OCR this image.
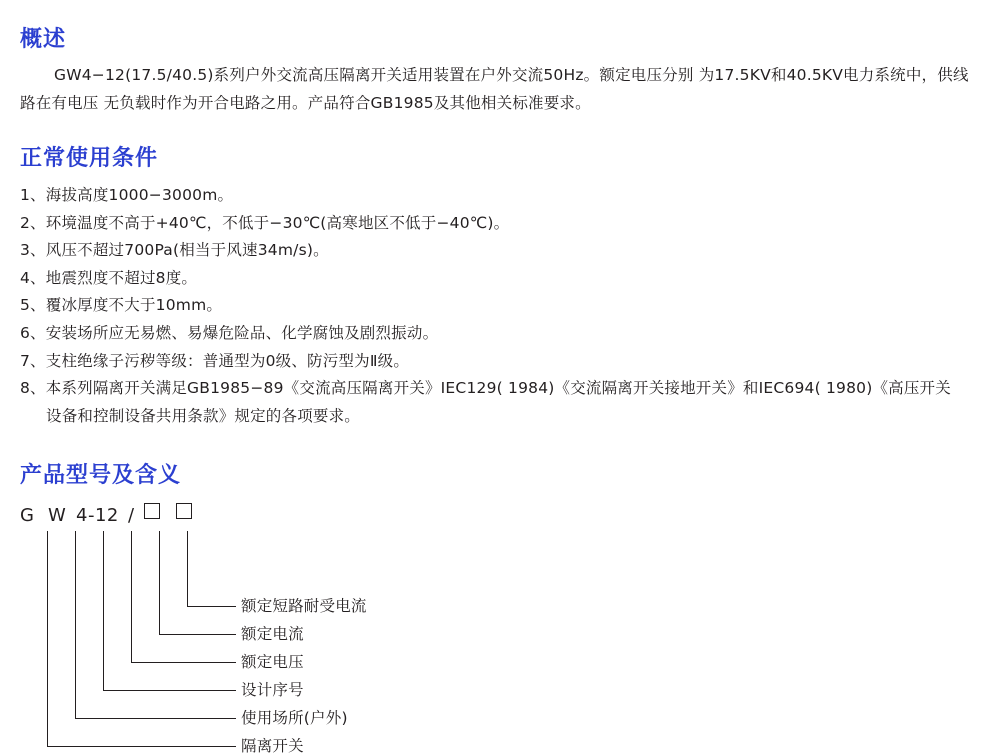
概述
GW4−12(17.5/40.5)系列户外交流高压隔离开关适用装置在户外交流50Hz。额定电压分别 为17.5KV和40.5KV电力系统中，供线路在有电压 无负载时作为开合电路之用。产品符合GB1985及其他相关标准要求。
正常使用条件
1、海拔高度1000−3000m。
2、环境温度不高于+40℃，不低于−30℃(高寒地区不低于−40℃)。
3、风压不超过700Pa(相当于风速34m/s)。
4、地震烈度不超过8度。
5、覆冰厚度不大于10mm。
6、安装场所应无易燃、易爆危险品、化学腐蚀及剧烈振动。
7、支柱绝缘子污秽等级：普通型为0级、防污型为Ⅱ级。
8、本系列隔离开关满足GB1985−89《交流高压隔离开关》IEC129( 1984)《交流隔离开关接地开关》和IEC694( 1980)《高压开关
设备和控制设备共用条款》规定的各项要求。
产品型号及含义
G W 4-12 /
额定短路耐受电流
额定电流
额定电压
设计序号
使用场所(户外)
隔离开关
